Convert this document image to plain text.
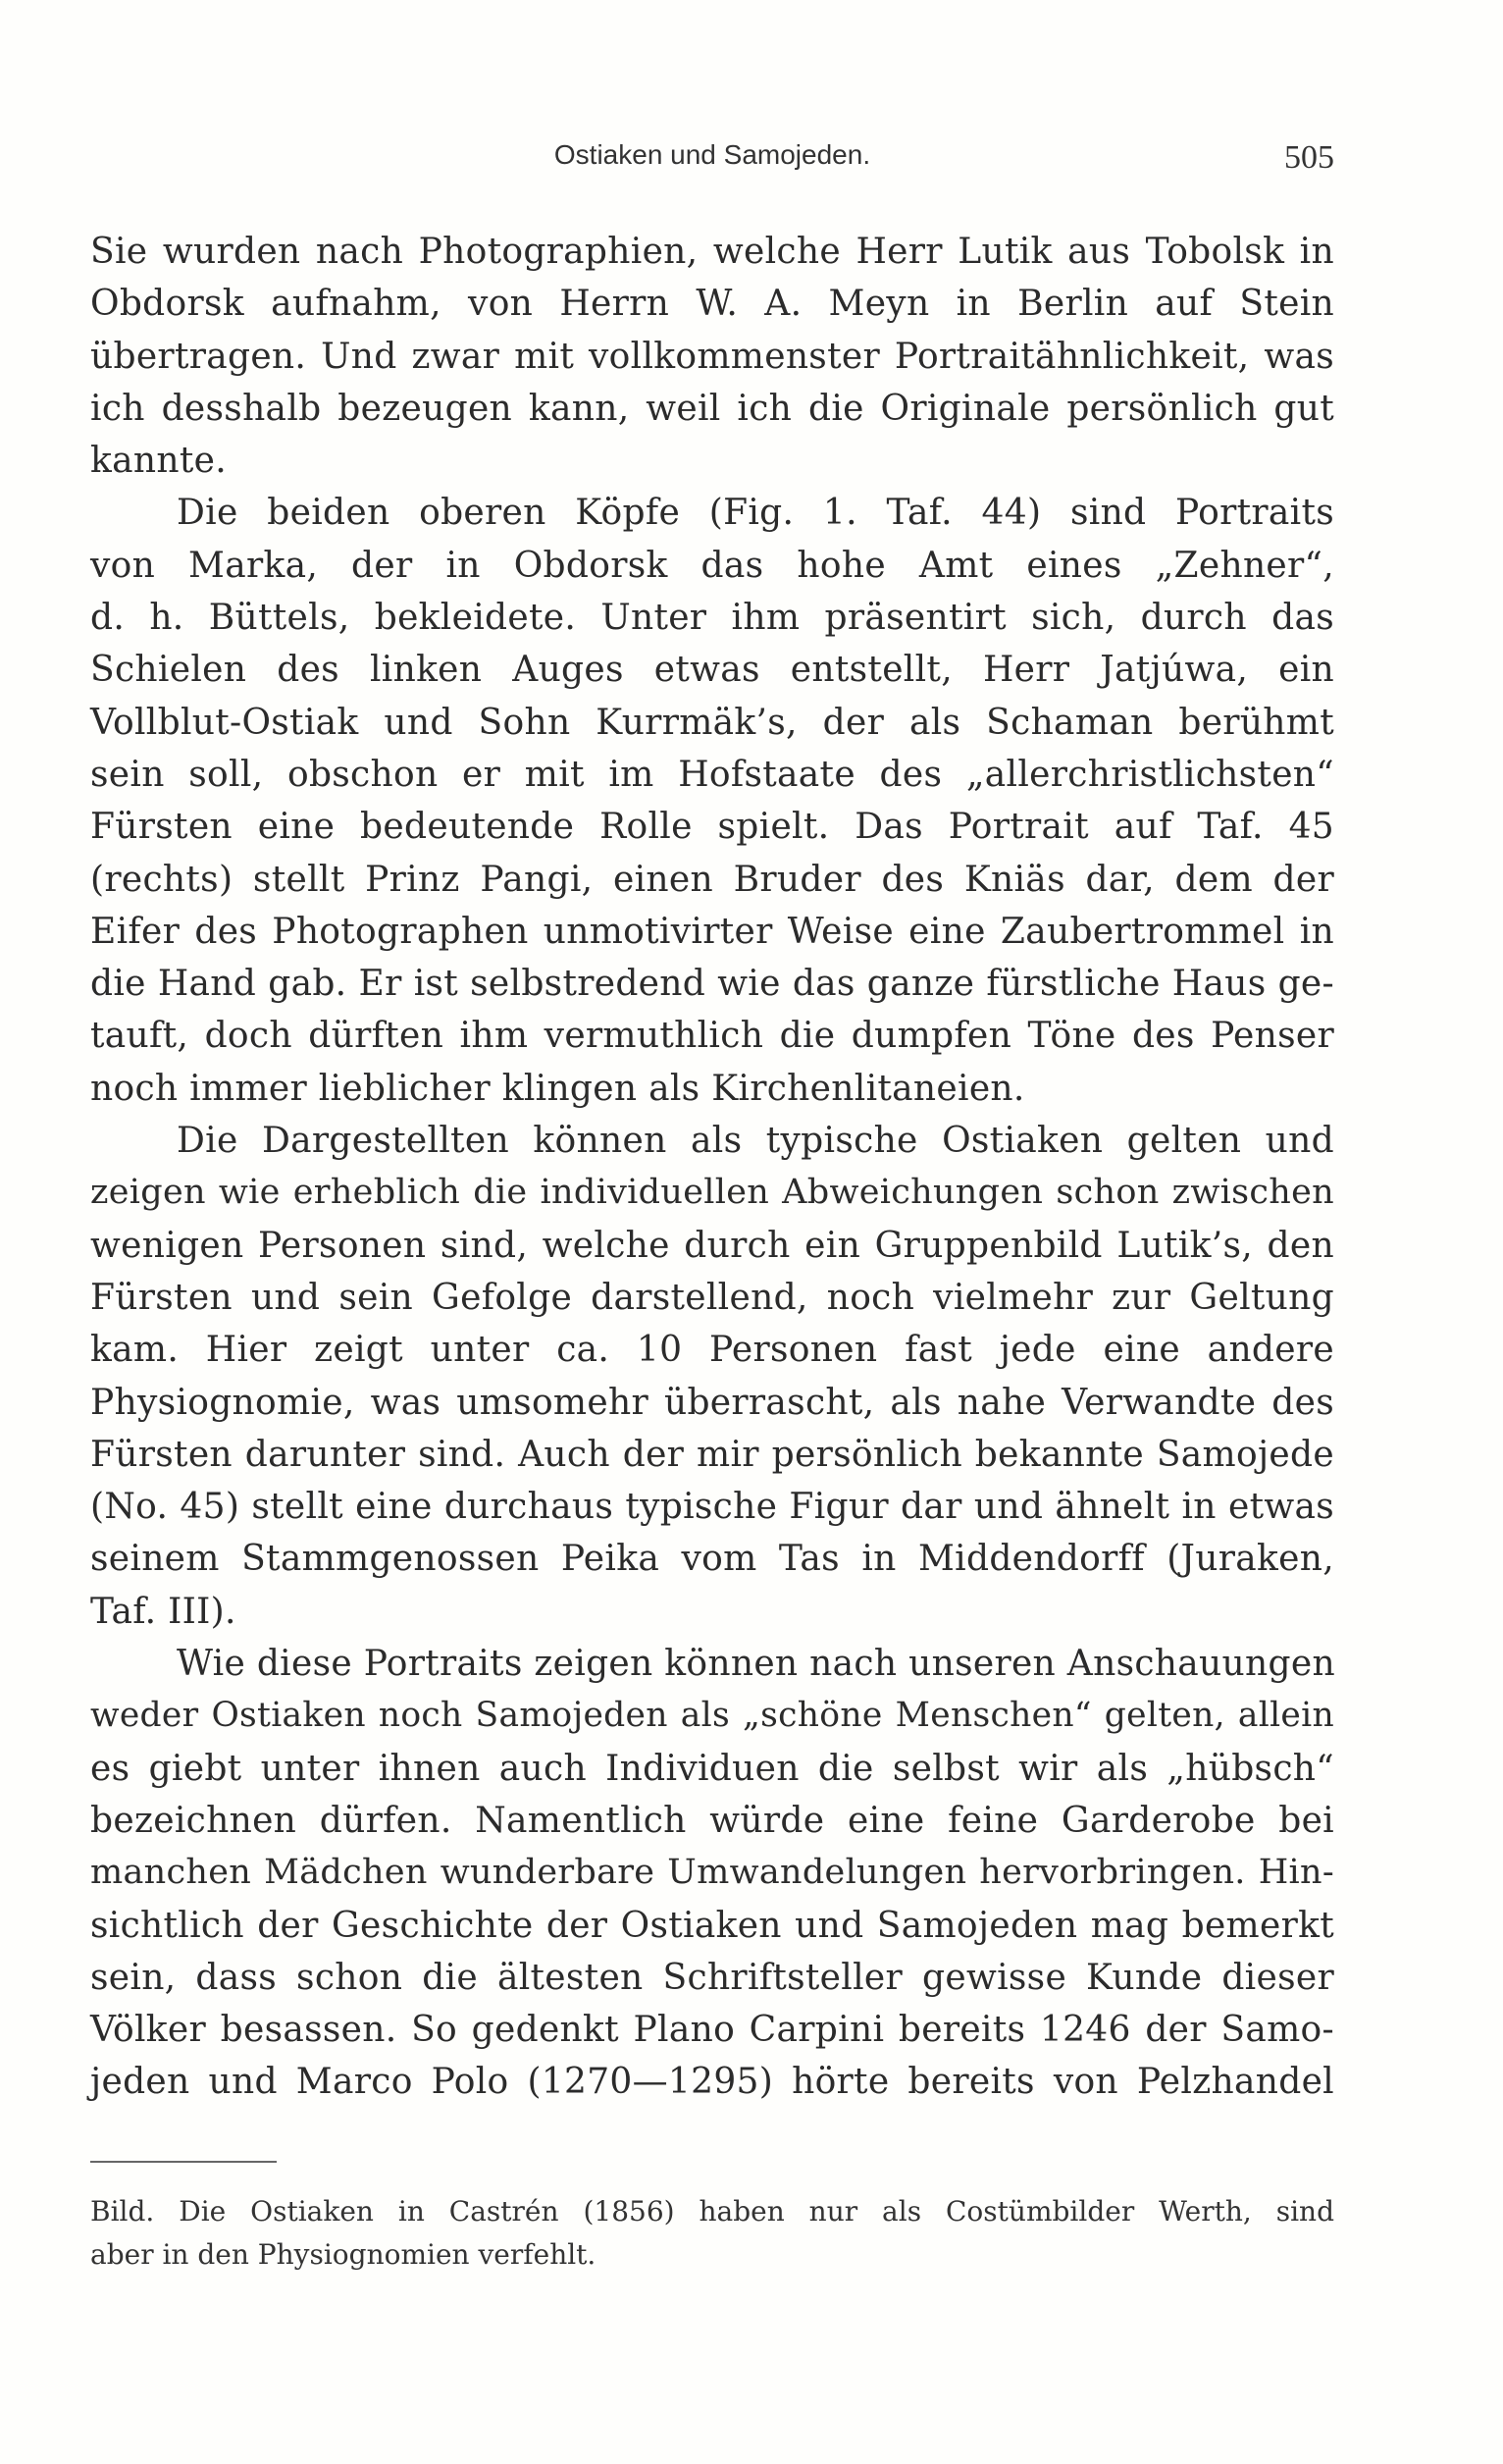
Ostiaken und Samojeden.	505
Sie wurden nach Photographien, welche Herr Lutik aus Tobolsk in
Obdorsk aufnahm, von Herrn W. A. Meyn in Berlin auf Stein
übertragen. Und zwar mit vollkommenster Portraitähnlichkeit, was
ich desshalb bezeugen kann, weil ich die Originale persönlich gut
kannte.
Die beiden oberen Köpfe (Fig. 1. Taf. 44) sind Portraits
von Marka, der in Obdorsk das hohe Amt eines „Zehner“,
d. h. Büttels, bekleidete. Unter ihm präsentirt sich, durch das
Schielen des linken Auges etwas entstellt, Herr Jatjúwa, ein
Vollblut-Ostiak und Sohn Kurrmäk’s, der als Schaman berühmt
sein soll, obschon er mit im Hofstaate des „allerchristlichsten“
Fürsten eine bedeutende Rolle spielt. Das Portrait auf Taf. 45
(rechts) stellt Prinz Pangi, einen Bruder des Kniäs dar, dem der
Eifer des Photographen unmotivirter Weise eine Zaubertrommel in
die Hand gab. Er ist selbstredend wie das ganze fürstliche Haus ge-
tauft, doch dürften ihm vermuthlich die dumpfen Töne des Penser
noch immer lieblicher klingen als Kirchenlitaneien.
Die Dargestellten können als typische Ostiaken gelten und
zeigen wie erheblich die individuellen Abweichungen schon zwischen
wenigen Personen sind, welche durch ein Gruppenbild Lutik’s, den
Fürsten und sein Gefolge darstellend, noch vielmehr zur Geltung
kam. Hier zeigt unter ca. 10 Personen fast jede eine andere
Physiognomie, was umsomehr überrascht, als nahe Verwandte des
Fürsten darunter sind. Auch der mir persönlich bekannte Samojede
(No. 45) stellt eine durchaus typische Figur dar und ähnelt in etwas
seinem Stammgenossen Peika vom Tas in Middendorff (Juraken,
Taf. III).
Wie diese Portraits zeigen können nach unseren Anschauungen
weder Ostiaken noch Samojeden als „schöne Menschen“ gelten, allein
es giebt unter ihnen auch Individuen die selbst wir als „hübsch“
bezeichnen dürfen. Namentlich würde eine feine Garderobe bei
manchen Mädchen wunderbare Umwandelungen hervorbringen. Hin-
sichtlich der Geschichte der Ostiaken und Samojeden mag bemerkt
sein, dass schon die ältesten Schriftsteller gewisse Kunde dieser
Völker besassen. So gedenkt Plano Carpini bereits 1246 der Samo-
jeden und Marco Polo (1270—1295) hörte bereits von Pelzhandel
Bild. Die Ostiaken in Castrén (1856) haben nur als Costümbilder Werth, sind
aber in den Physiognomien verfehlt.
